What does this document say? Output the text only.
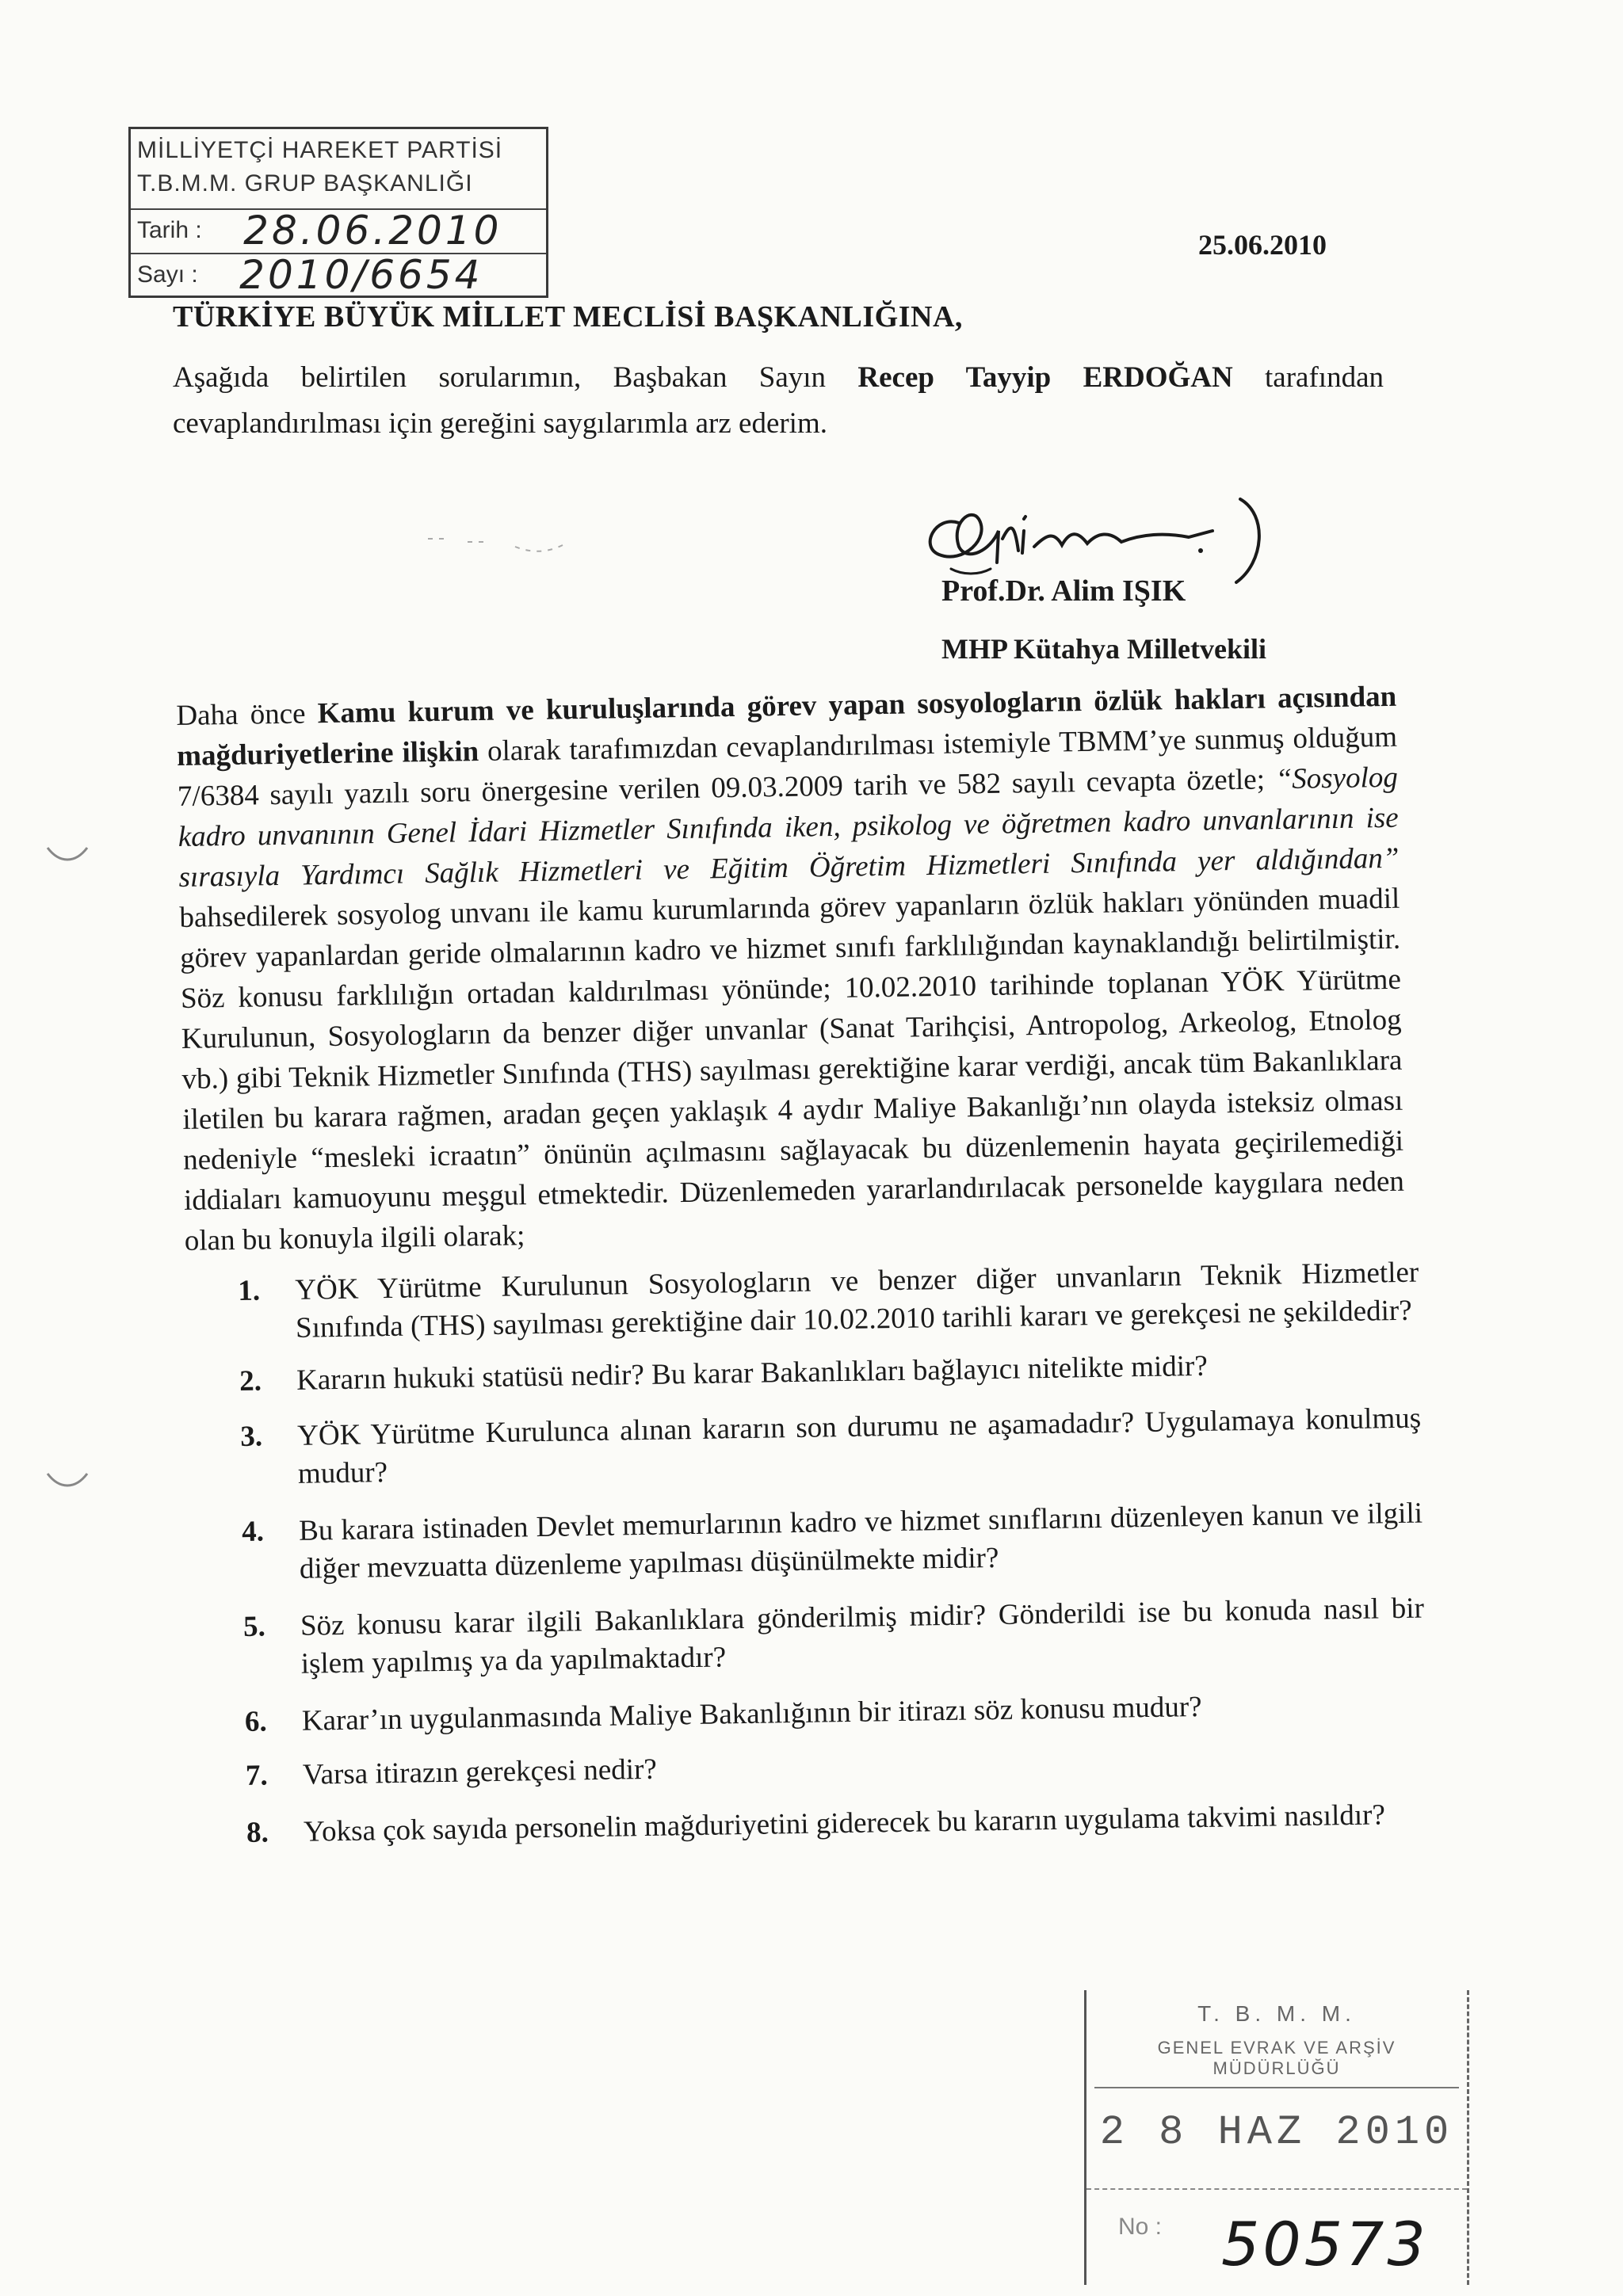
MİLLİYETÇİ HAREKET PARTİSİ
T.B.M.M. GRUP BAŞKANLIĞI
Tarih : 28.06.2010
Sayı : 2010/6654
25.06.2010
TÜRKİYE BÜYÜK MİLLET MECLİSİ BAŞKANLIĞINA,
Aşağıda belirtilen sorularımın, Başbakan Sayın Recep Tayyip ERDOĞAN tarafından cevaplandırılması için gereğini saygılarımla arz ederim.
Prof.Dr. Alim IŞIK
MHP Kütahya Milletvekili
Daha önce Kamu kurum ve kuruluşlarında görev yapan sosyologların özlük hakları açısından mağduriyetlerine ilişkin olarak tarafımızdan cevaplandırılması istemiyle TBMM’ye sunmuş olduğum 7/6384 sayılı yazılı soru önergesine verilen 09.03.2009 tarih ve 582 sayılı cevapta özetle; “Sosyolog kadro unvanının Genel İdari Hizmetler Sınıfında iken, psikolog ve öğretmen kadro unvanlarının ise sırasıyla Yardımcı Sağlık Hizmetleri ve Eğitim Öğretim Hizmetleri Sınıfında yer aldığından” bahsedilerek sosyolog unvanı ile kamu kurumlarında görev yapanların özlük hakları yönünden muadil görev yapanlardan geride olmalarının kadro ve hizmet sınıfı farklılığından kaynaklandığı belirtilmiştir. Söz konusu farklılığın ortadan kaldırılması yönünde; 10.02.2010 tarihinde toplanan YÖK Yürütme Kurulunun, Sosyologların da benzer diğer unvanlar (Sanat Tarihçisi, Antropolog, Arkeolog, Etnolog vb.) gibi Teknik Hizmetler Sınıfında (THS) sayılması gerektiğine karar verdiği, ancak tüm Bakanlıklara iletilen bu karara rağmen, aradan geçen yaklaşık 4 aydır Maliye Bakanlığı’nın olayda isteksiz olması nedeniyle “mesleki icraatın” önünün açılmasını sağlayacak bu düzenlemenin hayata geçirilemediği iddiaları kamuoyunu meşgul etmektedir. Düzenlemeden yararlandırılacak personelde kaygılara neden olan bu konuyla ilgili olarak;
1. YÖK Yürütme Kurulunun Sosyologların ve benzer diğer unvanların Teknik Hizmetler Sınıfında (THS) sayılması gerektiğine dair 10.02.2010 tarihli kararı ve gerekçesi ne şekildedir?
2. Kararın hukuki statüsü nedir? Bu karar Bakanlıkları bağlayıcı nitelikte midir?
3. YÖK Yürütme Kurulunca alınan kararın son durumu ne aşamadadır? Uygulamaya konulmuş mudur?
4. Bu karara istinaden Devlet memurlarının kadro ve hizmet sınıflarını düzenleyen kanun ve ilgili diğer mevzuatta düzenleme yapılması düşünülmekte midir?
5. Söz konusu karar ilgili Bakanlıklara gönderilmiş midir? Gönderildi ise bu konuda nasıl bir işlem yapılmış ya da yapılmaktadır?
6. Karar’ın uygulanmasında Maliye Bakanlığının bir itirazı söz konusu mudur?
7. Varsa itirazın gerekçesi nedir?
8. Yoksa çok sayıda personelin mağduriyetini giderecek bu kararın uygulama takvimi nasıldır?
T. B. M. M.
GENEL EVRAK VE ARŞİV MÜDÜRLÜĞÜ
2 8 HAZ 2010
No : 50573
